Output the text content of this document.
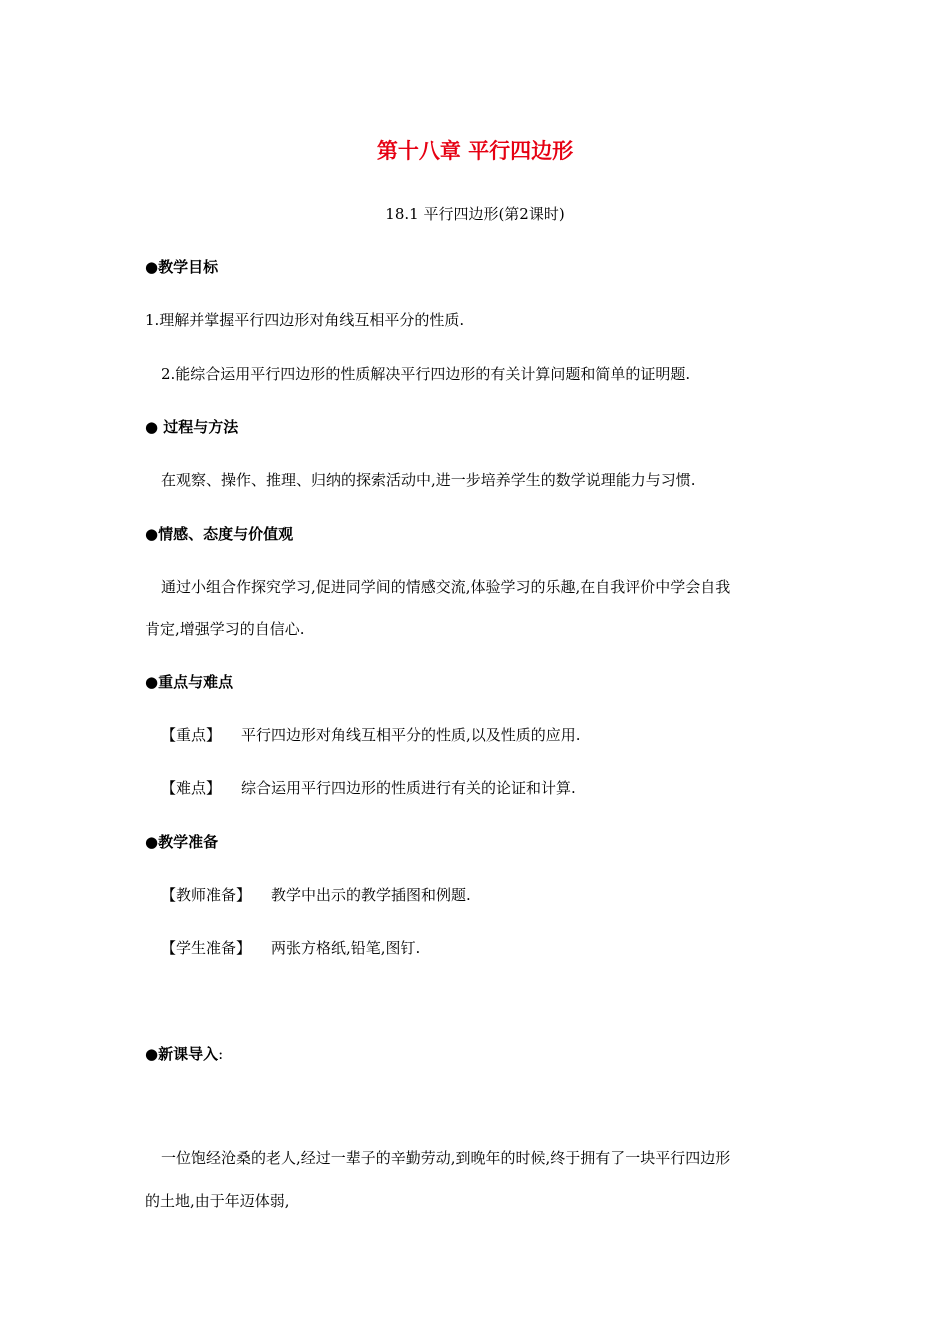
第十八章 平行四边形
18.1 平行四边形(第2课时)
●教学目标
1.理解并掌握平行四边形对角线互相平分的性质.
2.能综合运用平行四边形的性质解决平行四边形的有关计算问题和简单的证明题.
● 过程与方法
在观察、操作、推理、归纳的探索活动中,进一步培养学生的数学说理能力与习惯.
●情感、态度与价值观
通过小组合作探究学习,促进同学间的情感交流,体验学习的乐趣,在自我评价中学会自我
肯定,增强学习的自信心.
●重点与难点
【重点】 平行四边形对角线互相平分的性质,以及性质的应用.
【难点】 综合运用平行四边形的性质进行有关的论证和计算.
●教学准备
【教师准备】 教学中出示的教学插图和例题.
【学生准备】 两张方格纸,铅笔,图钉.
●新课导入:
一位饱经沧桑的老人,经过一辈子的辛勤劳动,到晚年的时候,终于拥有了一块平行四边形
的土地,由于年迈体弱,
